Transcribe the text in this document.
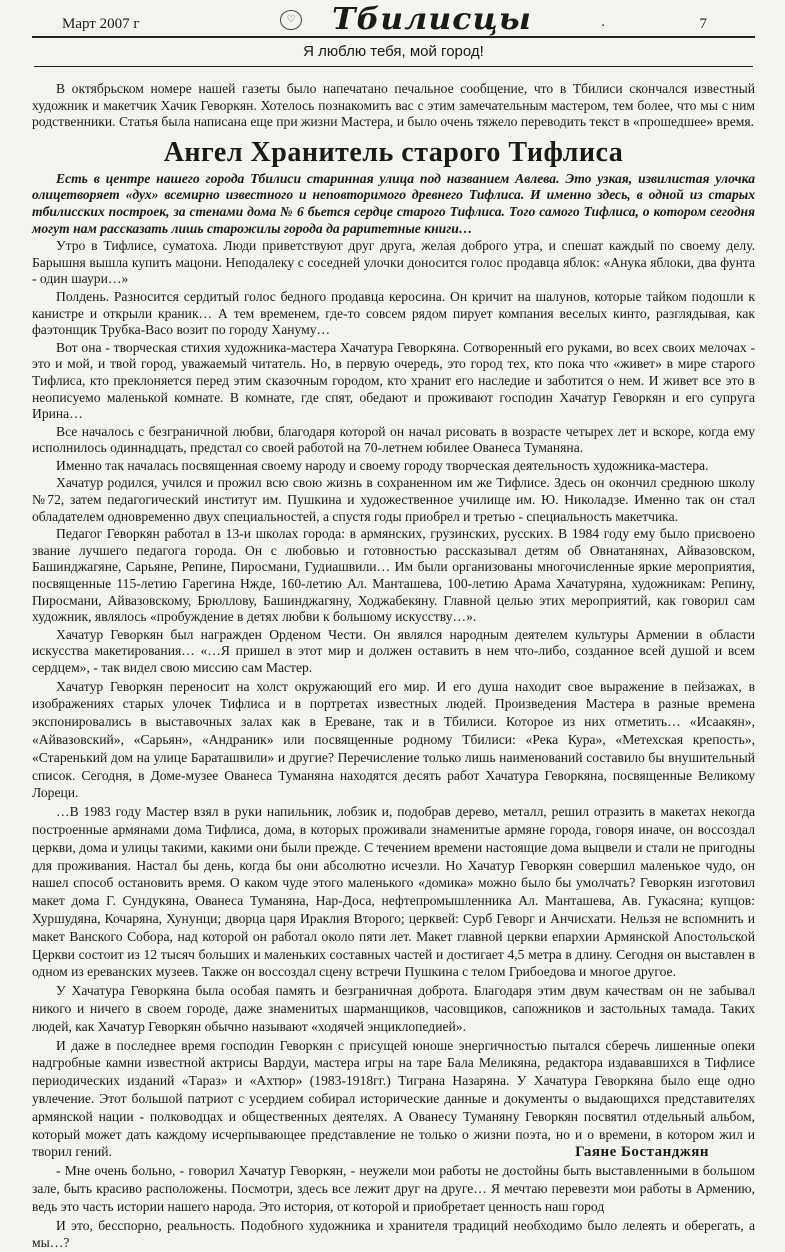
Март 2007 г	♡ Тбилисцы	.	7
Я люблю тебя, мой город!

В октябрьском номере нашей газеты было напечатано печальное сообщение, что в Тбилиси скончался известный художник и макетчик Хачик Геворкян. Хотелось познакомить вас с этим замечательным мастером, тем более, что мы с ним родственники. Статья была написана еще при жизни Мастера, и было очень тяжело переводить текст в «прошедшее» время.

Ангел Хранитель старого Тифлиса

Есть в центре нашего города Тбилиси старинная улица под названием Авлева. Это узкая, извилистая улочка олицетворяет «дух» всемирно известного и неповторимого древнего Тифлиса. И именно здесь, в одной из старых тбилисских построек, за стенами дома № 6 бьется сердце старого Тифлиса. Того самого Тифлиса, о котором сегодня могут нам рассказать лишь старожилы города да раритетные книги…

Утро в Тифлисе, суматоха. Люди приветствуют друг друга, желая доброго утра, и спешат каждый по своему делу. Барышня вышла купить мацони. Неподалеку с соседней улочки доносится голос продавца яблок: «Анука яблоки, два фунта - один шаури…»

Полдень. Разносится сердитый голос бедного продавца керосина. Он кричит на шалунов, которые тайком подошли к канистре и открыли краник… А тем временем, где-то совсем рядом пирует компания веселых кинто, разглядывая, как фаэтонщик Трубка-Васо возит по городу Хануму…

Вот она - творческая стихия художника-мастера Хачатура Геворкяна. Сотворенный его руками, во всех своих мелочах - это и мой, и твой город, уважаемый читатель. Но, в первую очередь, это город тех, кто пока что «живет» в мире старого Тифлиса, кто преклоняется перед этим сказочным городом, кто хранит его наследие и заботится о нем. И живет все это в неописуемо маленькой комнате. В комнате, где спят, обедают и проживают господин Хачатур Геворкян и его супруга Ирина…

Все началось с безграничной любви, благодаря которой он начал рисовать в возрасте четырех лет и вскоре, когда ему исполнилось одиннадцать, предстал со своей работой на 70-летнем юбилее Ованеса Туманяна.

Именно так началась посвященная своему народу и своему городу творческая деятельность художника-мастера.

Хачатур родился, учился и прожил всю свою жизнь в сохраненном им же Тифлисе. Здесь он окончил среднюю школу №72, затем педагогический институт им. Пушкина и художественное училище им. Ю. Николадзе. Именно так он стал обладателем одновременно двух специальностей, а спустя годы приобрел и третью - специальность макетчика.

Педагог Геворкян работал в 13-и школах города: в армянских, грузинских, русских. В 1984 году ему было присвоено звание лучшего педагога города. Он с любовью и готовностью рассказывал детям об Овнатанянах, Айвазовском, Башинджагяне, Сарьяне, Репине, Пиросмани, Гудиашвили… Им были организованы многочисленные яркие мероприятия, посвященные 115-летию Гарегина Нжде, 160-летию Ал. Манташева, 100-летию Арама Хачатуряна, художникам: Репину, Пиросмани, Айвазовскому, Брюллову, Башинджагяну, Ходжабекяну. Главной целью этих мероприятий, как говорил сам художник, являлось «пробуждение в детях любви к большому искусству…».

Хачатур Геворкян был награжден Орденом Чести. Он являлся народным деятелем культуры Армении в области искусства макетирования… «…Я пришел в этот мир и должен оставить в нем что-либо, созданное всей душой и всем сердцем», - так видел свою миссию сам Мастер.

Хачатур Геворкян переносит на холст окружающий его мир. И его душа находит свое выражение в пейзажах, в изображениях старых улочек Тифлиса и в портретах известных людей. Произведения Мастера в разные времена экспонировались в выставочных залах как в Ереване, так и в Тбилиси. Которое из них отметить… «Исаакян», «Айвазовский», «Сарьян», «Андраник» или посвященные родному Тбилиси: «Река Кура», «Метехская крепость», «Старенький дом на улице Бараташвили» и другие? Перечисление только лишь наименований составило бы внушительный список. Сегодня, в Доме-музее Ованеса Туманяна находятся десять работ Хачатура Геворкяна, посвященные Великому Лореци.

…В 1983 году Мастер взял в руки напильник, лобзик и, подобрав дерево, металл, решил отразить в макетах некогда построенные армянами дома Тифлиса, дома, в которых проживали знаменитые армяне города, говоря иначе, он воссоздал церкви, дома и улицы такими, какими они были прежде. С течением времени настоящие дома выцвели и стали не пригодны для проживания. Настал бы день, когда бы они абсолютно исчезли. Но Хачатур Геворкян совершил маленькое чудо, он нашел способ остановить время. О каком чуде этого маленького «домика» можно было бы умолчать? Геворкян изготовил макет дома Г. Сундукяна, Ованеса Туманяна, Нар-Доса, нефтепромышленника Ал. Манташева, Ав. Гукасяна; купцов: Хуршудяна, Кочаряна, Хунунци; дворца царя Ираклия Второго; церквей: Сурб Геворг и Анчисхати. Нельзя не вспомнить и макет Ванского Собора, над которой он работал около пяти лет. Макет главной церкви епархии Армянской Апостольской Церкви состоит из 12 тысяч больших и маленьких составных частей и достигает 4,5 метра в длину. Сегодня он выставлен в одном из ереванских музеев. Также он воссоздал сцену встречи Пушкина с телом Грибоедова и многое другое.

У Хачатура Геворкяна была особая память и безграничная доброта. Благодаря этим двум качествам он не забывал никого и ничего в своем городе, даже знаменитых шарманщиков, часовщиков, сапожников и застольных тамада. Таких людей, как Хачатур Геворкян обычно называют «ходячей энциклопедией».

И даже в последнее время господин Геворкян с присущей юноше энергичностью пытался сберечь лишенные опеки надгробные камни известной актрисы Вардуи, мастера игры на таре Бала Меликяна, редактора издававшихся в Тифлисе периодических изданий «Тараз» и «Ахтюр» (1983-1918гг.) Тиграна Назаряна. У Хачатура Геворкяна было еще одно увлечение. Этот большой патриот с усердием собирал исторические данные и документы о выдающихся представителях армянской нации - полководцах и общественных деятелях. А Ованесу Туманяну Геворкян посвятил отдельный альбом, который может дать каждому исчерпывающее представление не только о жизни поэта, но и о времени, в котором жил и творил гений.

- Мне очень больно, - говорил Хачатур Геворкян, - неужели мои работы не достойны быть выставленными в большом зале, быть красиво расположены. Посмотри, здесь все лежит друг на друге… Я мечтаю перевезти мои работы в Армению, ведь это часть истории нашего народа. Это история, от которой и приобретает ценность наш город

И это, бесспорно, реальность. Подобного художника и хранителя традиций необходимо было лелеять и оберегать, а мы…?

Гаяне Бостанджян
